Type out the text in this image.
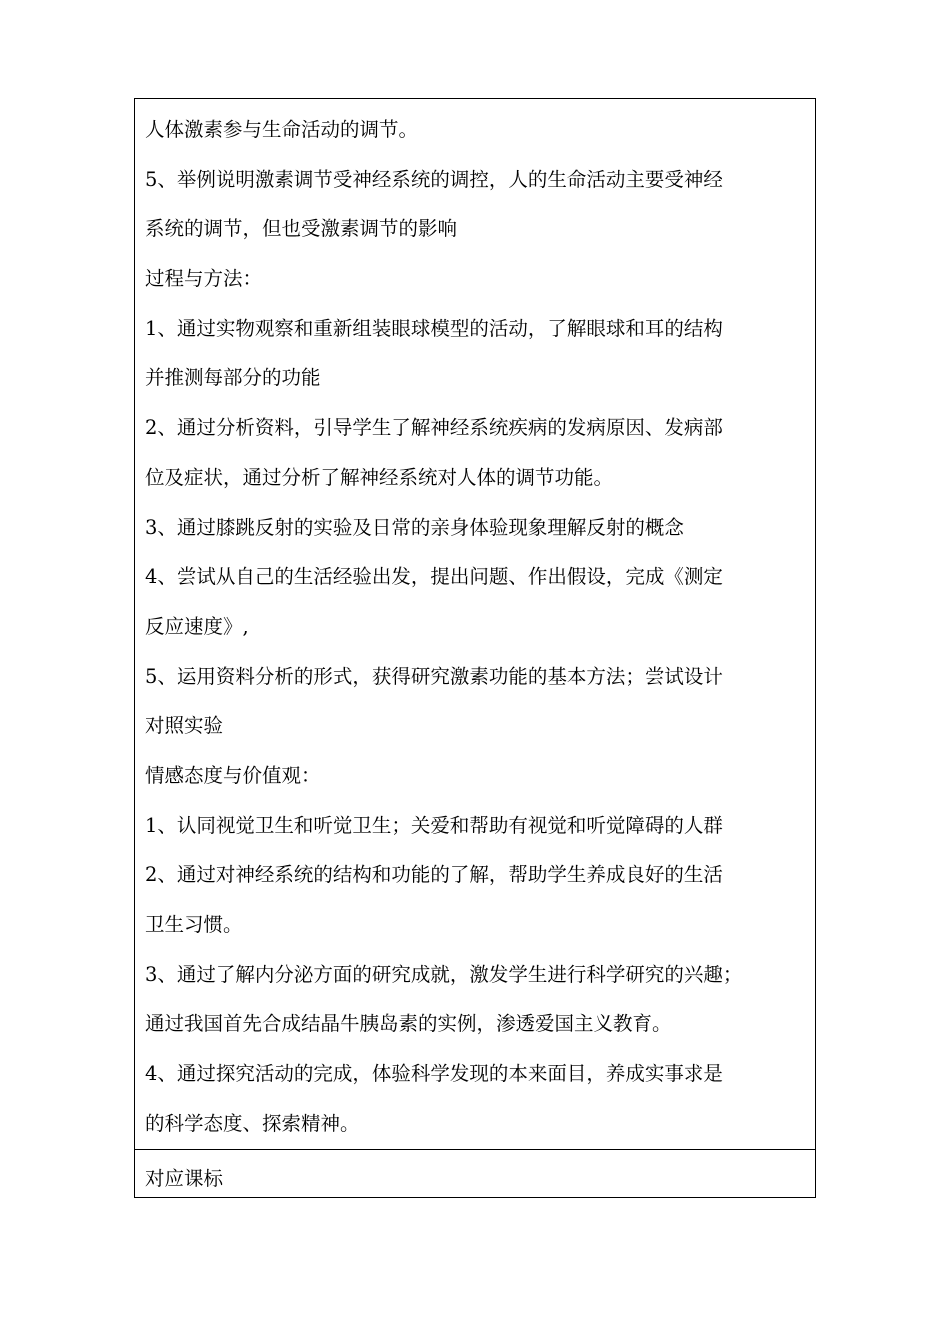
人体激素参与生命活动的调节。
5、举例说明激素调节受神经系统的调控，人的生命活动主要受神经
系统的调节，但也受激素调节的影响
过程与方法：
1、通过实物观察和重新组装眼球模型的活动，了解眼球和耳的结构
并推测每部分的功能
2、通过分析资料，引导学生了解神经系统疾病的发病原因、发病部
位及症状，通过分析了解神经系统对人体的调节功能。
3、通过膝跳反射的实验及日常的亲身体验现象理解反射的概念
4、尝试从自己的生活经验出发，提出问题、作出假设，完成《测定
反应速度》,
5、运用资料分析的形式，获得研究激素功能的基本方法；尝试设计
对照实验
情感态度与价值观：
1、认同视觉卫生和听觉卫生；关爱和帮助有视觉和听觉障碍的人群
2、通过对神经系统的结构和功能的了解，帮助学生养成良好的生活
卫生习惯。
3、通过了解内分泌方面的研究成就，激发学生进行科学研究的兴趣；
通过我国首先合成结晶牛胰岛素的实例，渗透爱国主义教育。
4、通过探究活动的完成，体验科学发现的本来面目，养成实事求是
的科学态度、探索精神。
对应课标
